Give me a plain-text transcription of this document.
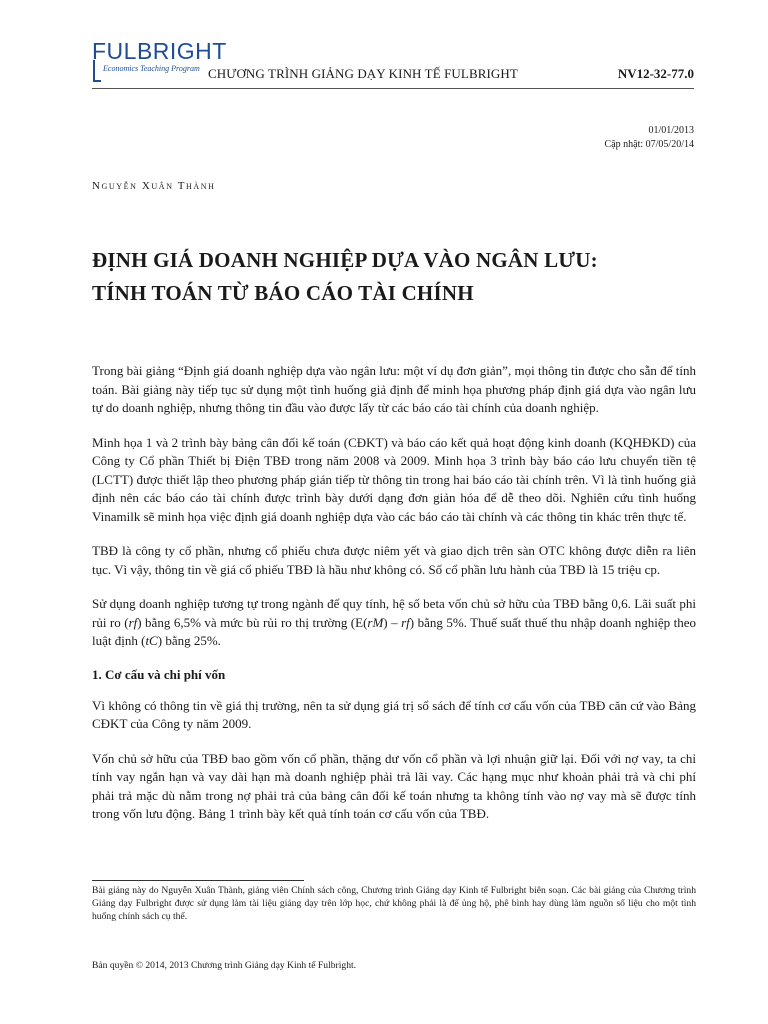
FULBRIGHT
Economics Teaching Program CHƯƠNG TRÌNH GIẢNG DẠY KINH TẾ FULBRIGHT	NV12-32-77.0
01/01/2013
Cập nhật: 07/05/20/14
Nguyễn Xuân Thành
ĐỊNH GIÁ DOANH NGHIỆP DỰA VÀO NGÂN LƯU:
TÍNH TOÁN TỪ BÁO CÁO TÀI CHÍNH

Trong bài giảng “Định giá doanh nghiệp dựa vào ngân lưu: một ví dụ đơn giản”, mọi thông tin được cho sẵn để tính toán. Bài giảng này tiếp tục sử dụng một tình huống giả định để minh họa phương pháp định giá dựa vào ngân lưu tự do doanh nghiệp, nhưng thông tin đầu vào được lấy từ các báo cáo tài chính của doanh nghiệp.

Minh họa 1 và 2 trình bày bảng cân đối kế toán (CĐKT) và báo cáo kết quả hoạt động kinh doanh (KQHĐKD) của Công ty Cổ phần Thiết bị Điện TBĐ trong năm 2008 và 2009. Minh họa 3 trình bày báo cáo lưu chuyển tiền tệ (LCTT) được thiết lập theo phương pháp gián tiếp từ thông tin trong hai báo cáo tài chính trên. Vì là tình huống giả định nên các báo cáo tài chính được trình bày dưới dạng đơn giản hóa để dễ theo dõi. Nghiên cứu tình huống Vinamilk sẽ minh họa việc định giá doanh nghiệp dựa vào các báo cáo tài chính và các thông tin khác trên thực tế.

TBĐ là công ty cổ phần, nhưng cổ phiếu chưa được niêm yết và giao dịch trên sàn OTC không được diễn ra liên tục. Vì vậy, thông tin về giá cổ phiếu TBĐ là hầu như không có. Số cổ phần lưu hành của TBĐ là 15 triệu cp.

Sử dụng doanh nghiệp tương tự trong ngành để quy tính, hệ số beta vốn chủ sở hữu của TBĐ bằng 0,6. Lãi suất phi rủi ro (rf) bằng 6,5% và mức bù rủi ro thị trường (E(rM) – rf) bằng 5%. Thuế suất thuế thu nhập doanh nghiệp theo luật định (tC) bằng 25%.

1. Cơ cấu và chi phí vốn

Vì không có thông tin về giá thị trường, nên ta sử dụng giá trị sổ sách để tính cơ cấu vốn của TBĐ căn cứ vào Bảng CĐKT của Công ty năm 2009.

Vốn chủ sở hữu của TBĐ bao gồm vốn cổ phần, thặng dư vốn cổ phần và lợi nhuận giữ lại. Đối với nợ vay, ta chỉ tính vay ngắn hạn và vay dài hạn mà doanh nghiệp phải trả lãi vay. Các hạng mục như khoản phải trả và chi phí phải trả mặc dù nằm trong nợ phải trả của bảng cân đối kế toán nhưng ta không tính vào nợ vay mà sẽ được tính trong vốn lưu động. Bảng 1 trình bày kết quả tính toán cơ cấu vốn của TBĐ.

Bài giảng này do Nguyễn Xuân Thành, giảng viên Chính sách công, Chương trình Giảng dạy Kinh tế Fulbright biên soạn. Các bài giảng của Chương trình Giảng dạy Fulbright được sử dụng làm tài liệu giảng dạy trên lớp học, chứ không phải là để ủng hộ, phê bình hay dùng làm nguồn số liệu cho một tình huống chính sách cụ thể.
Bản quyền © 2014, 2013 Chương trình Giảng dạy Kinh tế Fulbright.
